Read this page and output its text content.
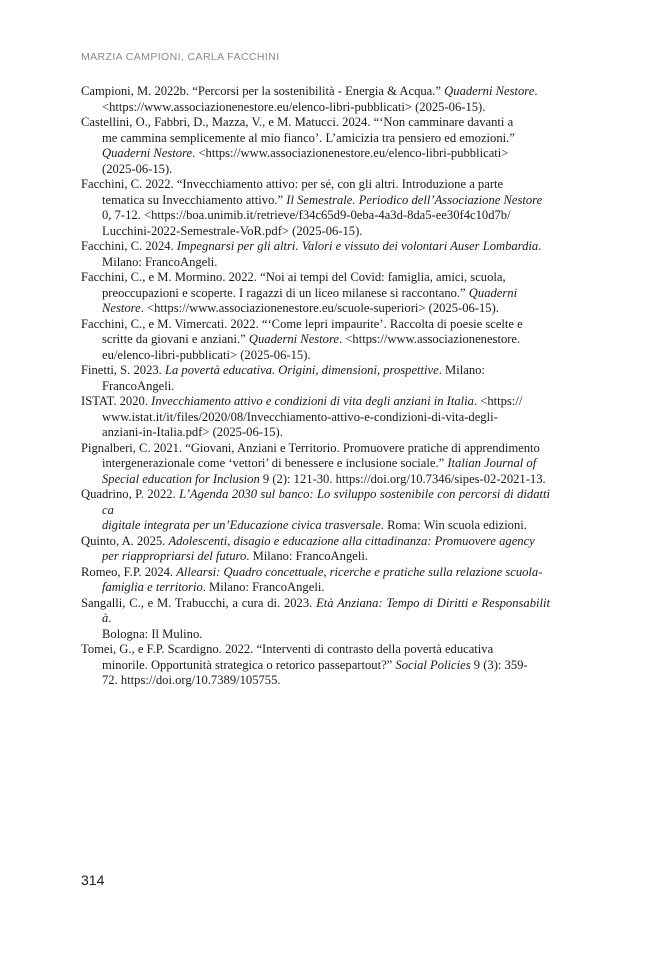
MARZIA CAMPIONI, CARLA FACCHINI
Campioni, M. 2022b. “Percorsi per la sostenibilità - Energia & Acqua.” Quaderni Nestore.
<https://www.associazionenestore.eu/elenco-libri-pubblicati> (2025-06-15).
Castellini, O., Fabbri, D., Mazza, V., e M. Matucci. 2024. “‘Non camminare davanti a
me cammina semplicemente al mio fianco’. L’amicizia tra pensiero ed emozioni.”
Quaderni Nestore. <https://www.associazionenestore.eu/elenco-libri-pubblicati>
(2025-06-15).
Facchini, C. 2022. “Invecchiamento attivo: per sé, con gli altri. Introduzione a parte
tematica su Invecchiamento attivo.” Il Semestrale. Periodico dell’Associazione Nestore
0, 7-12. <https://boa.unimib.it/retrieve/f34c65d9-0eba-4a3d-8da5-ee30f4c10d7b/
Lucchini-2022-Semestrale-VoR.pdf> (2025-06-15).
Facchini, C. 2024. Impegnarsi per gli altri. Valori e vissuto dei volontari Auser Lombardia.
Milano: FrancoAngeli.
Facchini, C., e M. Mormino. 2022. “Noi ai tempi del Covid: famiglia, amici, scuola,
preoccupazioni e scoperte. I ragazzi di un liceo milanese si raccontano.” Quaderni
Nestore. <https://www.associazionenestore.eu/scuole-superiori> (2025-06-15).
Facchini, C., e M. Vimercati. 2022. “‘Come lepri impaurite’. Raccolta di poesie scelte e
scritte da giovani e anziani.” Quaderni Nestore. <https://www.associazionenestore.
eu/elenco-libri-pubblicati> (2025-06-15).
Finetti, S. 2023. La povertà educativa. Origini, dimensioni, prospettive. Milano:
FrancoAngeli.
ISTAT. 2020. Invecchiamento attivo e condizioni di vita degli anziani in Italia. <https://
www.istat.it/it/files/2020/08/Invecchiamento-attivo-e-condizioni-di-vita-degli-
anziani-in-Italia.pdf> (2025-06-15).
Pignalberi, C. 2021. “Giovani, Anziani e Territorio. Promuovere pratiche di apprendimento
intergenerazionale come ‘vettori’ di benessere e inclusione sociale.” Italian Journal of
Special education for Inclusion 9 (2): 121-30. https://doi.org/10.7346/sipes-02-2021-13.
Quadrino, P. 2022. L’Agenda 2030 sul banco: Lo sviluppo sostenibile con percorsi di didattica
digitale integrata per un’Educazione civica trasversale. Roma: Win scuola edizioni.
Quinto, A. 2025. Adolescenti, disagio e educazione alla cittadinanza: Promuovere agency
per riappropriarsi del futuro. Milano: FrancoAngeli.
Romeo, F.P. 2024. Allearsi: Quadro concettuale, ricerche e pratiche sulla relazione scuola-
famiglia e territorio. Milano: FrancoAngeli.
Sangalli, C., e M. Trabucchi, a cura di. 2023. Età Anziana: Tempo di Diritti e Responsabilità.
Bologna: Il Mulino.
Tomei, G., e F.P. Scardigno. 2022. “Interventi di contrasto della povertà educativa
minorile. Opportunità strategica o retorico passepartout?” Social Policies 9 (3): 359-
72. https://doi.org/10.7389/105755.
314
